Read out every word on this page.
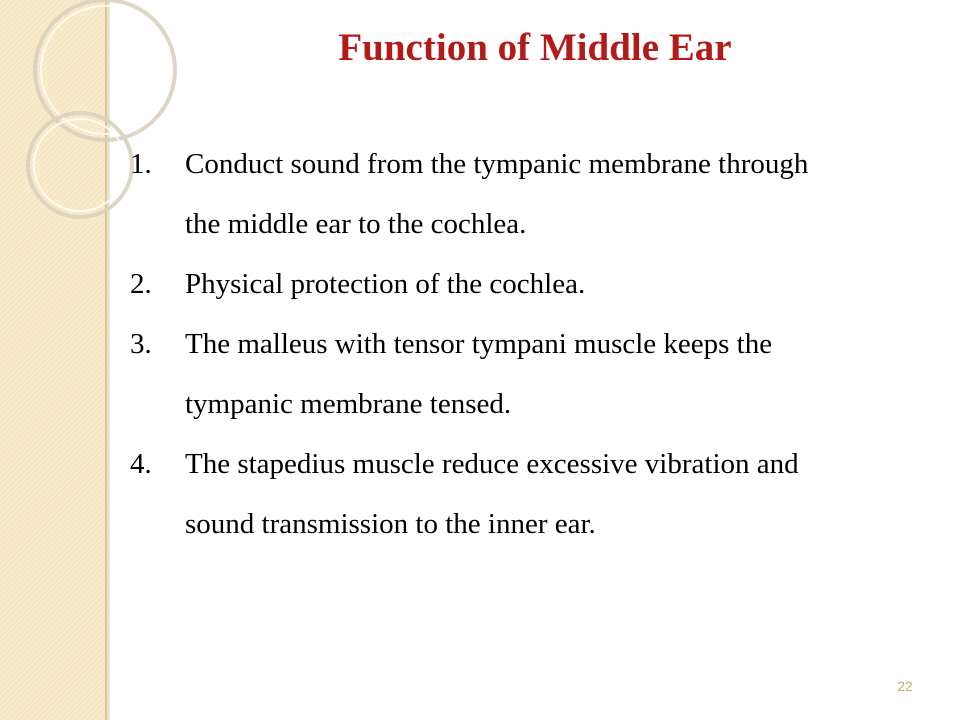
Function of Middle Ear
1. Conduct sound from the tympanic membrane through
the middle ear to the cochlea.
2. Physical protection of the cochlea.
3. The malleus with tensor tympani muscle keeps the
tympanic membrane tensed.
4. The stapedius muscle reduce excessive vibration and
sound transmission to the inner ear.
22
